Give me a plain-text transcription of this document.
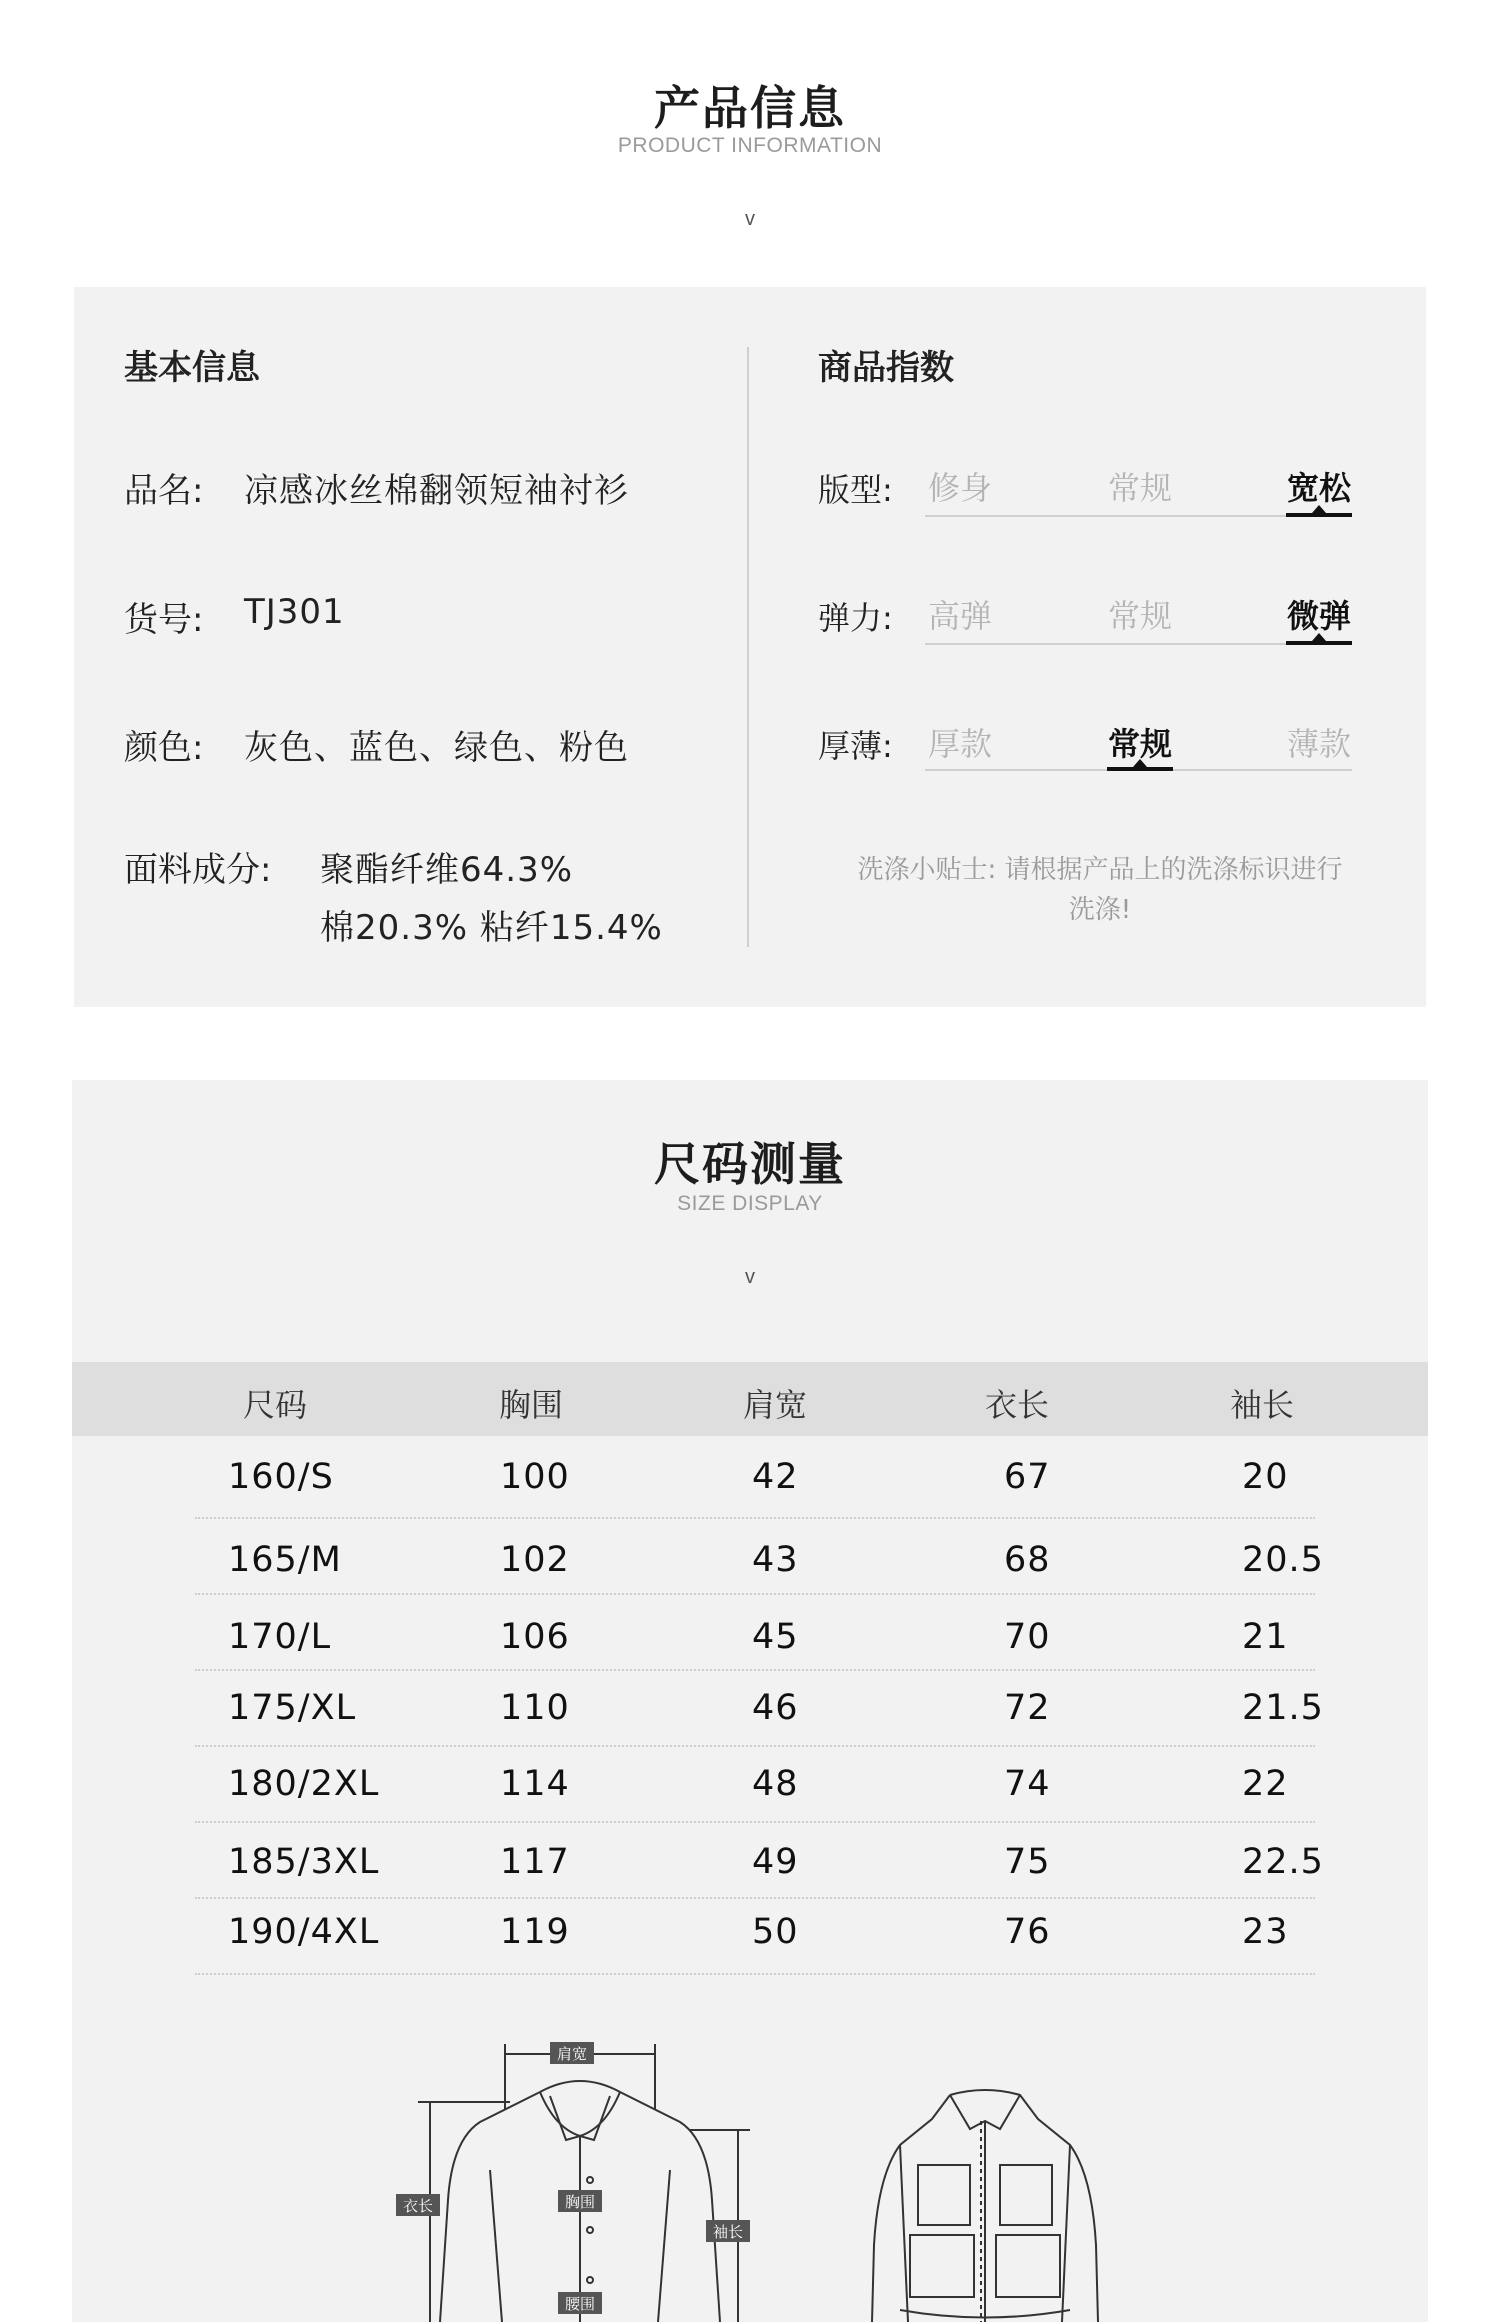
产品信息
PRODUCT INFORMATION
v
基本信息
品名: 凉感冰丝棉翻领短袖衬衫
货号: TJ301
颜色: 灰色、蓝色、绿色、粉色
面料成分: 聚酯纤维64.3%
棉20.3% 粘纤15.4%
商品指数
版型:	修身	常规	宽松
弹力:	高弹	常规	微弹
厚薄:	厚款	常规	薄款
洗涤小贴士: 请根据产品上的洗涤标识进行
洗涤!
尺码测量
SIZE DISPLAY
v
尺码	胸围	肩宽	衣长	袖长
160/S	100	42	67	20
165/M	102	43	68	20.5
170/L	106	45	70	21
175/XL	110	46	72	21.5
180/2XL	114	48	74	22
185/3XL	117	49	75	22.5
190/4XL	119	50	76	23
肩宽
衣长	胸围
袖长
腰围
